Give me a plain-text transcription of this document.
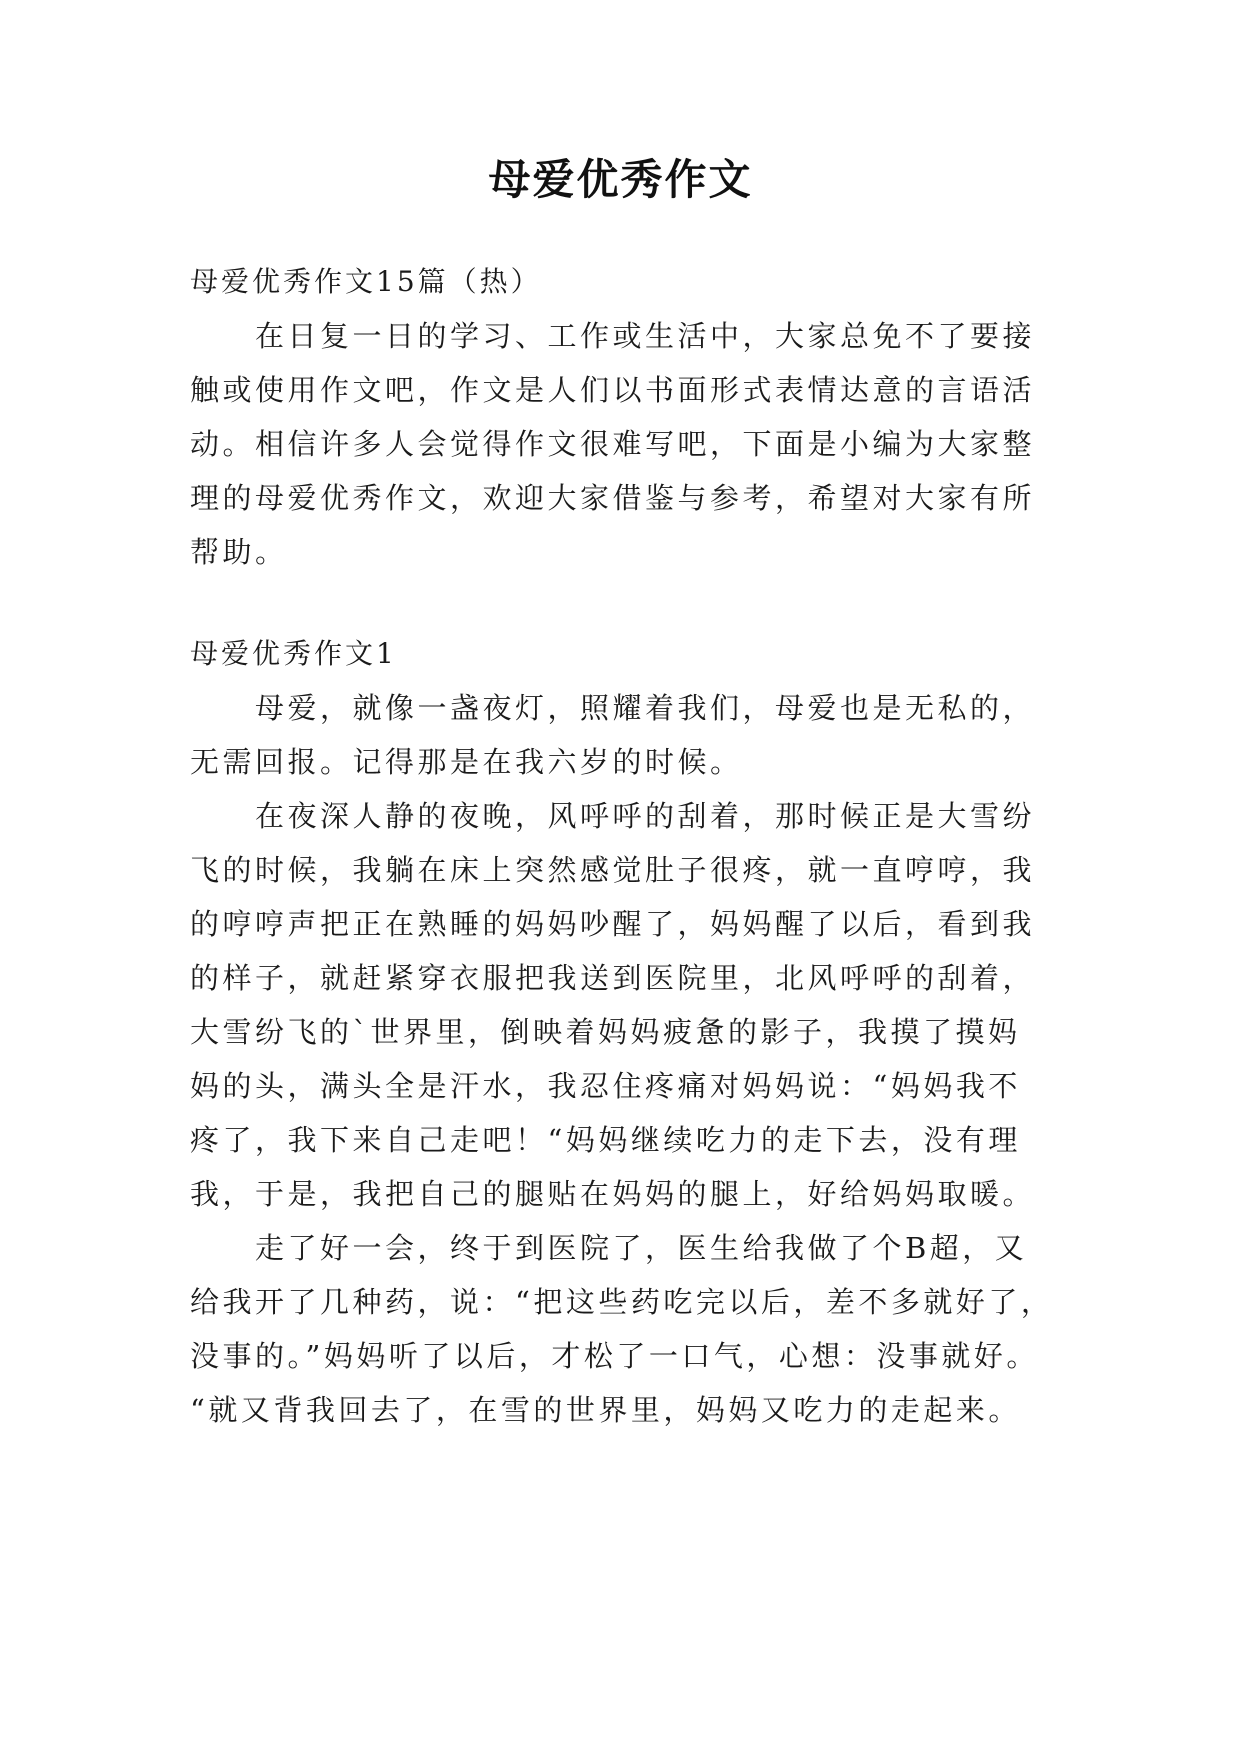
母爱优秀作文
母爱优秀作文15篇（热）
在日复一日的学习、工作或生活中，大家总免不了要接
触或使用作文吧，作文是人们以书面形式表情达意的言语活
动。相信许多人会觉得作文很难写吧，下面是小编为大家整
理的母爱优秀作文，欢迎大家借鉴与参考，希望对大家有所
帮助。
母爱优秀作文1
母爱，就像一盏夜灯，照耀着我们，母爱也是无私的，
无需回报。记得那是在我六岁的时候。
在夜深人静的夜晚，风呼呼的刮着，那时候正是大雪纷
飞的时候，我躺在床上突然感觉肚子很疼，就一直哼哼，我
的哼哼声把正在熟睡的妈妈吵醒了，妈妈醒了以后，看到我
的样子，就赶紧穿衣服把我送到医院里，北风呼呼的刮着，
大雪纷飞的`世界里，倒映着妈妈疲惫的影子，我摸了摸妈
妈的头，满头全是汗水，我忍住疼痛对妈妈说：“妈妈我不
疼了，我下来自己走吧！“妈妈继续吃力的走下去，没有理
我，于是，我把自己的腿贴在妈妈的腿上，好给妈妈取暖。
走了好一会，终于到医院了，医生给我做了个B超，又
给我开了几种药，说：“把这些药吃完以后，差不多就好了，
没事的。”妈妈听了以后，才松了一口气，心想：没事就好。
“就又背我回去了，在雪的世界里，妈妈又吃力的走起来。
